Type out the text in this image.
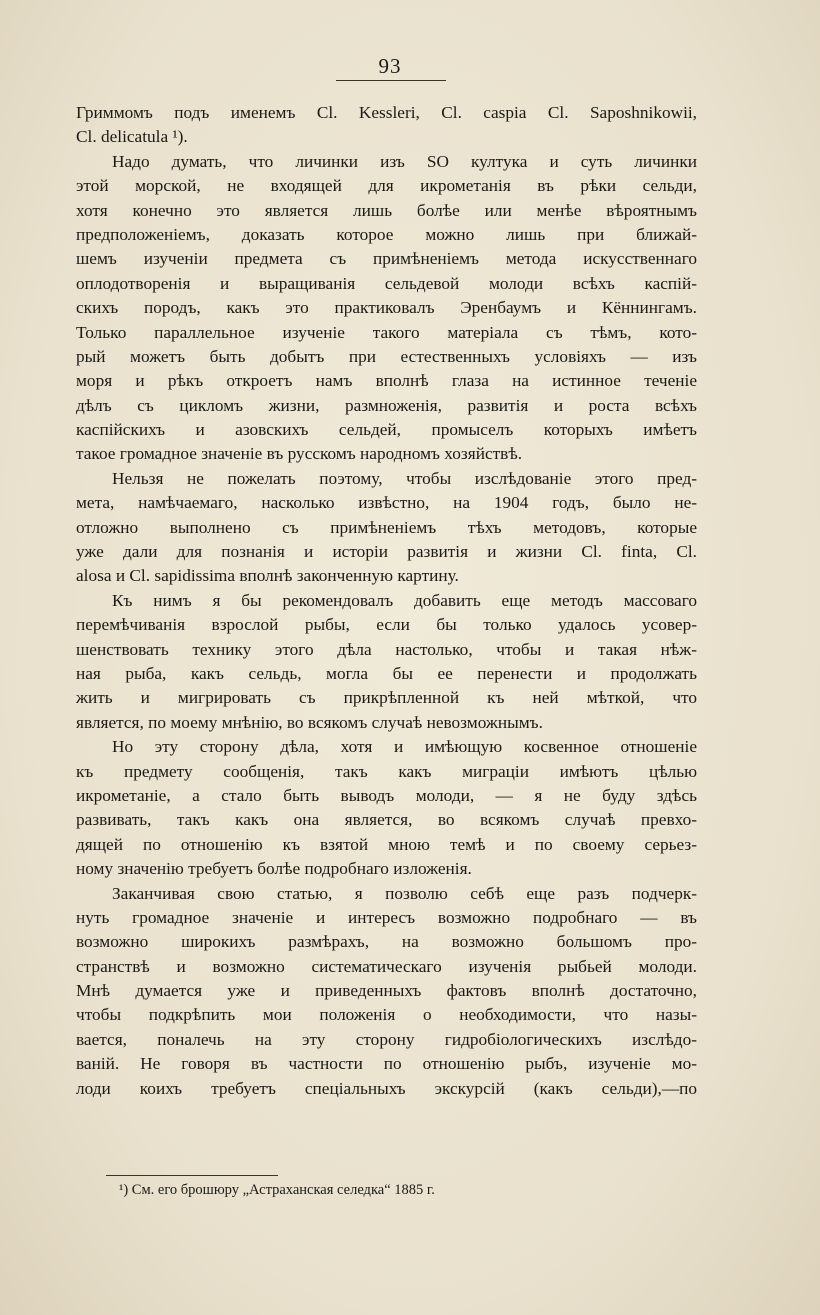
93
Гриммомъ подъ именемъ Cl. Kessleri, Cl. caspia Cl. Saposhnikowii,
Cl. delicatula ¹).
Надо думать, что личинки изъ SO култука и суть личинки
этой морской, не входящей для икрометанія въ рѣки сельди,
хотя конечно это является лишь болѣе или менѣе вѣроятнымъ
предположеніемъ, доказать которое можно лишь при ближай-
шемъ изученіи предмета съ примѣненіемъ метода искусственнаго
оплодотворенія и выращиванія сельдевой молоди всѣхъ каспій-
скихъ породъ, какъ это практиковалъ Эренбаумъ и Кённингамъ.
Только параллельное изученіе такого матеріала съ тѣмъ, кото-
рый можетъ быть добытъ при естественныхъ условіяхъ — изъ
моря и рѣкъ откроетъ намъ вполнѣ глаза на истинное теченіе
дѣлъ съ цикломъ жизни, размноженія, развитія и роста всѣхъ
каспійскихъ и азовскихъ сельдей, промыселъ которыхъ имѣетъ
такое громадное значеніе въ русскомъ народномъ хозяйствѣ.
Нельзя не пожелать поэтому, чтобы изслѣдованіе этого пред-
мета, намѣчаемаго, насколько извѣстно, на 1904 годъ, было не-
отложно выполнено съ примѣненіемъ тѣхъ методовъ, которые
уже дали для познанія и исторіи развитія и жизни Cl. finta, Cl.
alosa и Cl. sapidissima вполнѣ законченную картину.
Къ нимъ я бы рекомендовалъ добавить еще методъ массоваго
перемѣчиванія взрослой рыбы, если бы только удалось усовер-
шенствовать технику этого дѣла настолько, чтобы и такая нѣж-
ная рыба, какъ сельдь, могла бы ее перенести и продолжать
жить и мигрировать съ прикрѣпленной къ ней мѣткой, что
является, по моему мнѣнію, во всякомъ случаѣ невозможнымъ.
Но эту сторону дѣла, хотя и имѣющую косвенное отношеніе
къ предмету сообщенія, такъ какъ миграціи имѣютъ цѣлью
икрометаніе, а стало быть выводъ молоди, — я не буду здѣсь
развивать, такъ какъ она является, во всякомъ случаѣ превхо-
дящей по отношенію къ взятой мною темѣ и по своему серьез-
ному значенію требуетъ болѣе подробнаго изложенія.
Заканчивая свою статью, я позволю себѣ еще разъ подчерк-
нуть громадное значеніе и интересъ возможно подробнаго — въ
возможно широкихъ размѣрахъ, на возможно большомъ про-
странствѣ и возможно систематическаго изученія рыбьей молоди.
Мнѣ думается уже и приведенныхъ фактовъ вполнѣ достаточно,
чтобы подкрѣпить мои положенія о необходимости, что назы-
вается, поналечь на эту сторону гидробіологическихъ изслѣдо-
ваній. Не говоря въ частности по отношенію рыбъ, изученіе мо-
лоди коихъ требуетъ спеціальныхъ экскурсій (какъ сельди),—по
¹) См. его брошюру „Астраханская селедка“ 1885 г.
